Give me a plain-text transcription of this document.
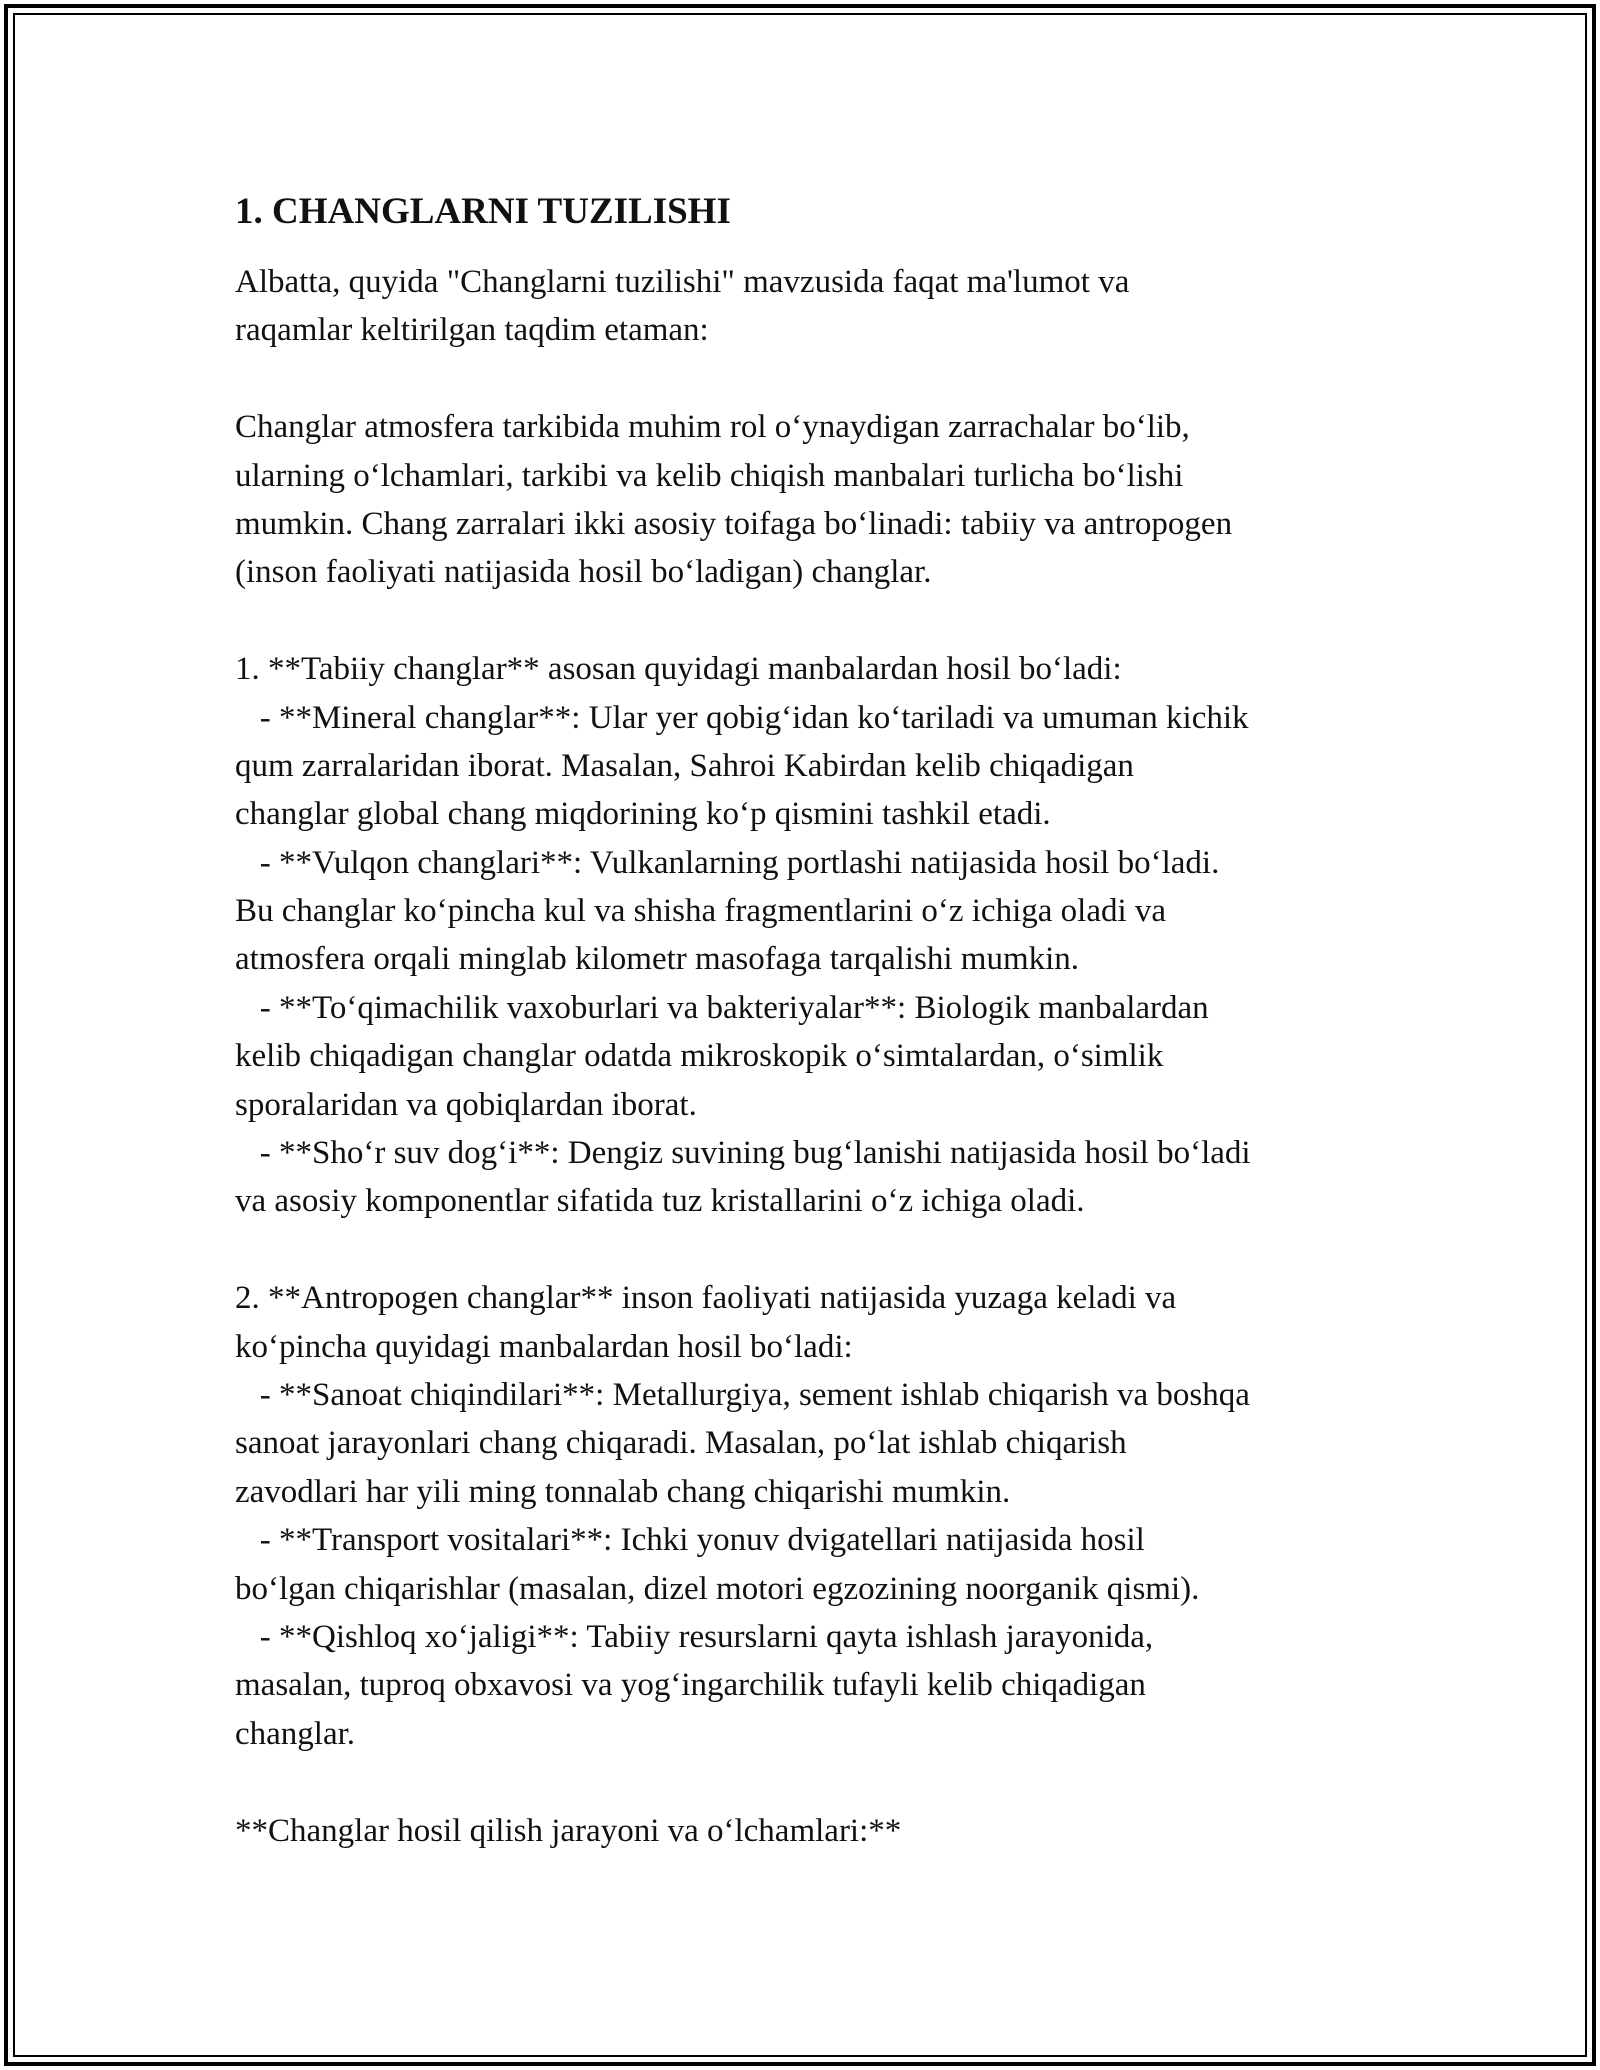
1. CHANGLARNI TUZILISHI

Albatta, quyida "Changlarni tuzilishi" mavzusida faqat ma'lumot va

raqamlar keltirilgan taqdim etaman:

Changlar atmosfera tarkibida muhim rol o‘ynaydigan zarrachalar bo‘lib,

ularning o‘lchamlari, tarkibi va kelib chiqish manbalari turlicha bo‘lishi

mumkin. Chang zarralari ikki asosiy toifaga bo‘linadi: tabiiy va antropogen

(inson faoliyati natijasida hosil bo‘ladigan) changlar.

1. **Tabiiy changlar** asosan quyidagi manbalardan hosil bo‘ladi:

- **Mineral changlar**: Ular yer qobig‘idan ko‘tariladi va umuman kichik

qum zarralaridan iborat. Masalan, Sahroi Kabirdan kelib chiqadigan

changlar global chang miqdorining ko‘p qismini tashkil etadi.

- **Vulqon changlari**: Vulkanlarning portlashi natijasida hosil bo‘ladi.

Bu changlar ko‘pincha kul va shisha fragmentlarini o‘z ichiga oladi va

atmosfera orqali minglab kilometr masofaga tarqalishi mumkin.

- **To‘qimachilik vaxoburlari va bakteriyalar**: Biologik manbalardan

kelib chiqadigan changlar odatda mikroskopik o‘simtalardan, o‘simlik

sporalaridan va qobiqlardan iborat.

- **Sho‘r suv dog‘i**: Dengiz suvining bug‘lanishi natijasida hosil bo‘ladi

va asosiy komponentlar sifatida tuz kristallarini o‘z ichiga oladi.

2. **Antropogen changlar** inson faoliyati natijasida yuzaga keladi va

ko‘pincha quyidagi manbalardan hosil bo‘ladi:

- **Sanoat chiqindilari**: Metallurgiya, sement ishlab chiqarish va boshqa

sanoat jarayonlari chang chiqaradi. Masalan, po‘lat ishlab chiqarish

zavodlari har yili ming tonnalab chang chiqarishi mumkin.

- **Transport vositalari**: Ichki yonuv dvigatellari natijasida hosil

bo‘lgan chiqarishlar (masalan, dizel motori egzozining noorganik qismi).

- **Qishloq xo‘jaligi**: Tabiiy resurslarni qayta ishlash jarayonida,

masalan, tuproq obxavosi va yog‘ingarchilik tufayli kelib chiqadigan

changlar.

**Changlar hosil qilish jarayoni va o‘lchamlari:**
